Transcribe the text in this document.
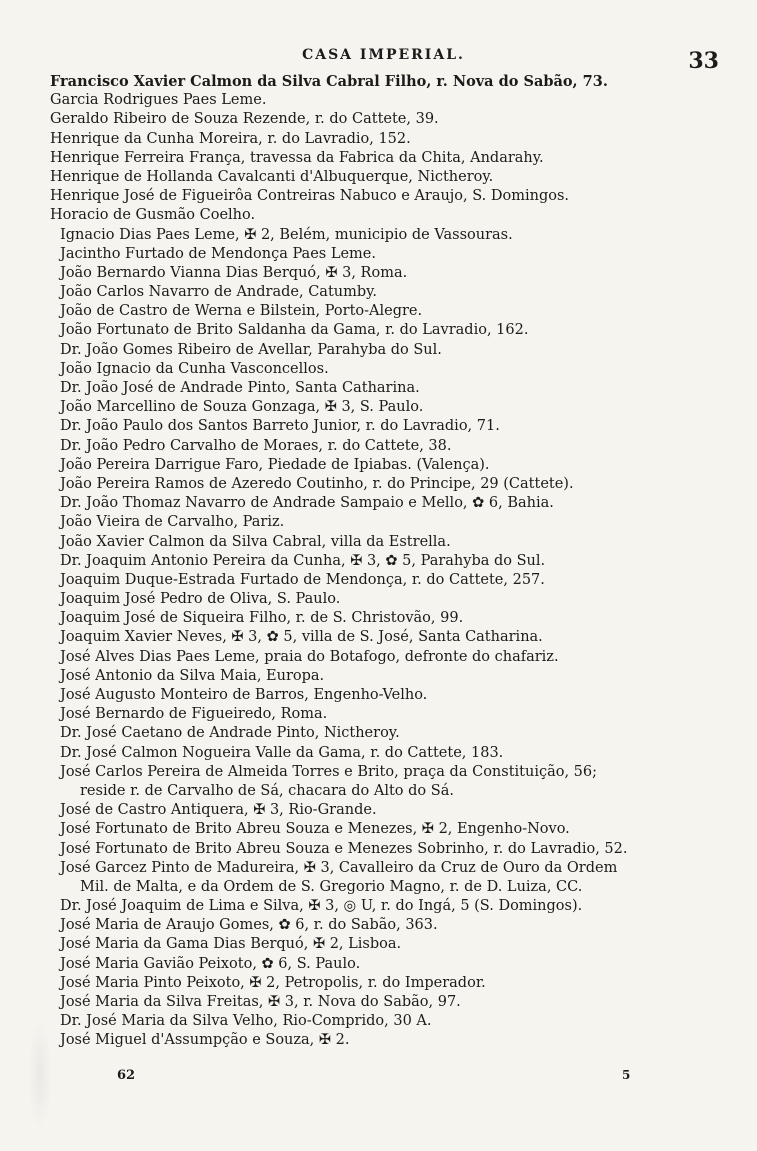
CASA IMPERIAL.	33
Francisco Xavier Calmon da Silva Cabral Filho, r. Nova do Sabão, 73.
Garcia Rodrigues Paes Leme.
Geraldo Ribeiro de Souza Rezende, r. do Cattete, 39.
Henrique da Cunha Moreira, r. do Lavradio, 152.
Henrique Ferreira França, travessa da Fabrica da Chita, Andarahy.
Henrique de Hollanda Cavalcanti d'Albuquerque, Nictheroy.
Henrique José de Figueirôa Contreiras Nabuco e Araujo, S. Domingos.
Horacio de Gusmão Coelho.
Ignacio Dias Paes Leme, ✠ 2, Belém, municipio de Vassouras.
Jacintho Furtado de Mendonça Paes Leme.
João Bernardo Vianna Dias Berquó, ✠ 3, Roma.
João Carlos Navarro de Andrade, Catumby.
João de Castro de Werna e Bilstein, Porto-Alegre.
João Fortunato de Brito Saldanha da Gama, r. do Lavradio, 162.
Dr. João Gomes Ribeiro de Avellar, Parahyba do Sul.
João Ignacio da Cunha Vasconcellos.
Dr. João José de Andrade Pinto, Santa Catharina.
João Marcellino de Souza Gonzaga, ✠ 3, S. Paulo.
Dr. João Paulo dos Santos Barreto Junior, r. do Lavradio, 71.
Dr. João Pedro Carvalho de Moraes, r. do Cattete, 38.
João Pereira Darrigue Faro, Piedade de Ipiabas. (Valença).
João Pereira Ramos de Azeredo Coutinho, r. do Principe, 29 (Cattete).
Dr. João Thomaz Navarro de Andrade Sampaio e Mello, ✿ 6, Bahia.
João Vieira de Carvalho, Pariz.
João Xavier Calmon da Silva Cabral, villa da Estrella.
Dr. Joaquim Antonio Pereira da Cunha, ✠ 3, ✿ 5, Parahyba do Sul.
Joaquim Duque-Estrada Furtado de Mendonça, r. do Cattete, 257.
Joaquim José Pedro de Oliva, S. Paulo.
Joaquim José de Siqueira Filho, r. de S. Christovão, 99.
Joaquim Xavier Neves, ✠ 3, ✿ 5, villa de S. José, Santa Catharina.
José Alves Dias Paes Leme, praia do Botafogo, defronte do chafariz.
José Antonio da Silva Maia, Europa.
José Augusto Monteiro de Barros, Engenho-Velho.
José Bernardo de Figueiredo, Roma.
Dr. José Caetano de Andrade Pinto, Nictheroy.
Dr. José Calmon Nogueira Valle da Gama, r. do Cattete, 183.
José Carlos Pereira de Almeida Torres e Brito, praça da Constituição, 56;
reside r. de Carvalho de Sá, chacara do Alto do Sá.
José de Castro Antiquera, ✠ 3, Rio-Grande.
José Fortunato de Brito Abreu Souza e Menezes, ✠ 2, Engenho-Novo.
José Fortunato de Brito Abreu Souza e Menezes Sobrinho, r. do Lavradio, 52.
José Garcez Pinto de Madureira, ✠ 3, Cavalleiro da Cruz de Ouro da Ordem
Mil. de Malta, e da Ordem de S. Gregorio Magno, r. de D. Luiza, CC.
Dr. José Joaquim de Lima e Silva, ✠ 3, ◎ U, r. do Ingá, 5 (S. Domingos).
José Maria de Araujo Gomes, ✿ 6, r. do Sabão, 363.
José Maria da Gama Dias Berquó, ✠ 2, Lisboa.
José Maria Gavião Peixoto, ✿ 6, S. Paulo.
José Maria Pinto Peixoto, ✠ 2, Petropolis, r. do Imperador.
José Maria da Silva Freitas, ✠ 3, r. Nova do Sabão, 97.
Dr. José Maria da Silva Velho, Rio-Comprido, 30 A.
José Miguel d'Assumpção e Souza, ✠ 2.
62	5
